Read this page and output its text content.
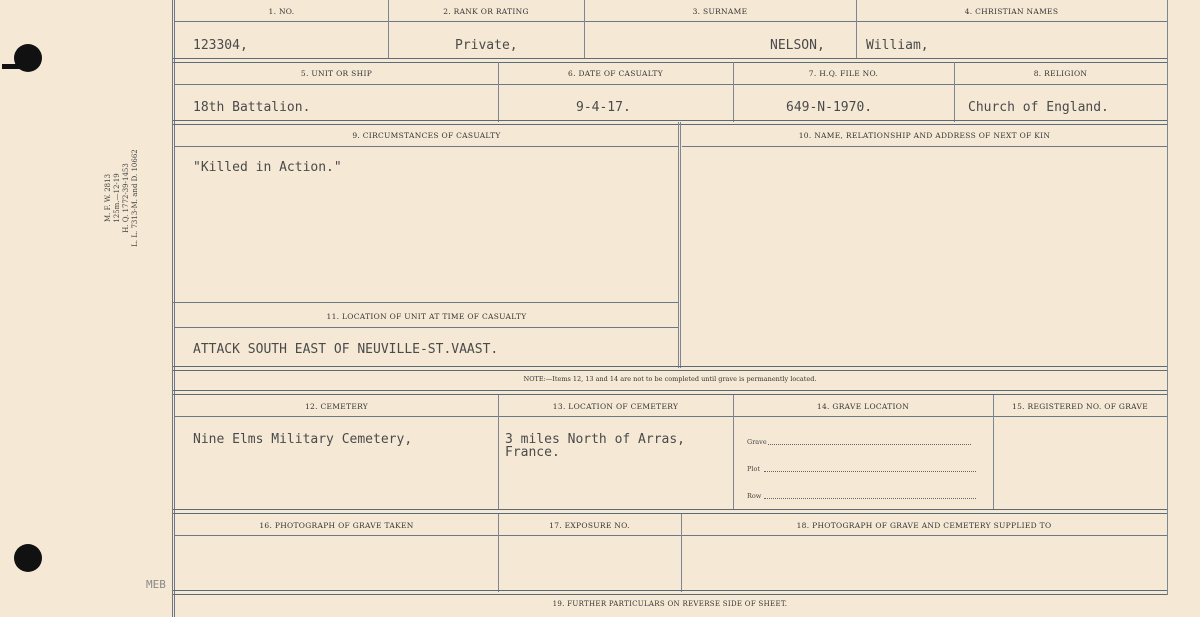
M. F. W. 2813 125m.—12-19 H. Q. 1772-39-1453 L. L. 7313-M. and D. 10662
MEB
1. NO.	2. RANK OR RATING	3. SURNAME	4. CHRISTIAN NAMES
123304,	Private,	NELSON,	William,
5. UNIT OR SHIP	6. DATE OF CASUALTY	7. H.Q. FILE NO.	8. RELIGION
18th Battalion.	9-4-17.	649-N-1970.	Church of England.
9. CIRCUMSTANCES OF CASUALTY	10. NAME, RELATIONSHIP AND ADDRESS OF NEXT OF KIN
"Killed in Action."
11. LOCATION OF UNIT AT TIME OF CASUALTY
ATTACK SOUTH EAST OF NEUVILLE-ST.VAAST.
NOTE:—Items 12, 13 and 14 are not to be completed until grave is permanently located.
12. CEMETERY	13. LOCATION OF CEMETERY	14. GRAVE LOCATION	15. REGISTERED NO. OF GRAVE
Nine Elms Military Cemetery,	3 miles North of Arras,
France.
Grave
Plot
Row
16. PHOTOGRAPH OF GRAVE TAKEN	17. EXPOSURE NO.	18. PHOTOGRAPH OF GRAVE AND CEMETERY SUPPLIED TO
19. FURTHER PARTICULARS ON REVERSE SIDE OF SHEET.
